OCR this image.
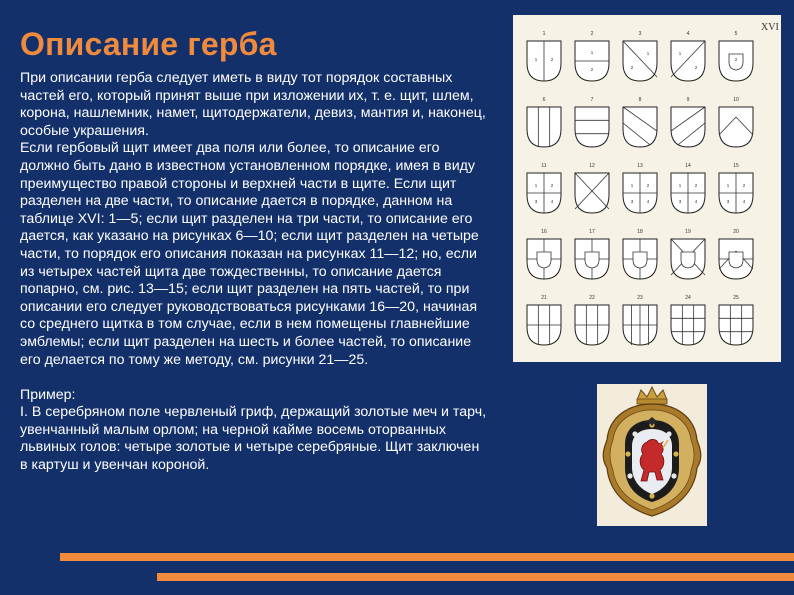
Описание герба

При описании герба следует иметь в виду тот порядок составных частей его, который принят выше при изложении их, т. е. щит, шлем, корона, нашлемник, намет, щитодержатели, девиз, мантия и, наконец, особые украшения.

Если гербовый щит имеет два поля или более, то описание его должно быть дано в известном установленном порядке, имея в виду преимущество правой стороны и верхней части в щите. Если щит разделен на две части, то описание дается в порядке, данном на таблице XVI: 1—5; если щит разделен на три части, то описание его дается, как указано на рисунках 6—10; если щит разделен на четыре части, то порядок его описания показан на рисунках 11—12; но, если из четырех частей щита две тождественны, то описание дается попарно, см. рис. 13—15; если щит разделен на пять частей, то при описании его следует руководствоваться рисунками 16—20, начиная со среднего щитка в том случае, если в нем помещены главнейшие эмблемы; если щит разделен на шесть и более частей, то описание его делается по тому же методу, см. рисунки 21—25.

Пример:

I. В серебряном поле червленый гриф, держащий золотые меч и тарч, увенчанный малым орлом; на черной кайме восемь оторванных львиных голов: четыре золотые и четыре серебряные. Щит заключен в картуш и увенчан короной.

XVI
1
1	2
2
1
2
3
1
2
4
1
2
5
2
6	7	8	9	10
11
1	2
3	4
12	13
1	2
3	4
14
1	2
3	4
15
1	2
3	4
16	17	18	19	20
21	22	23	24	25
